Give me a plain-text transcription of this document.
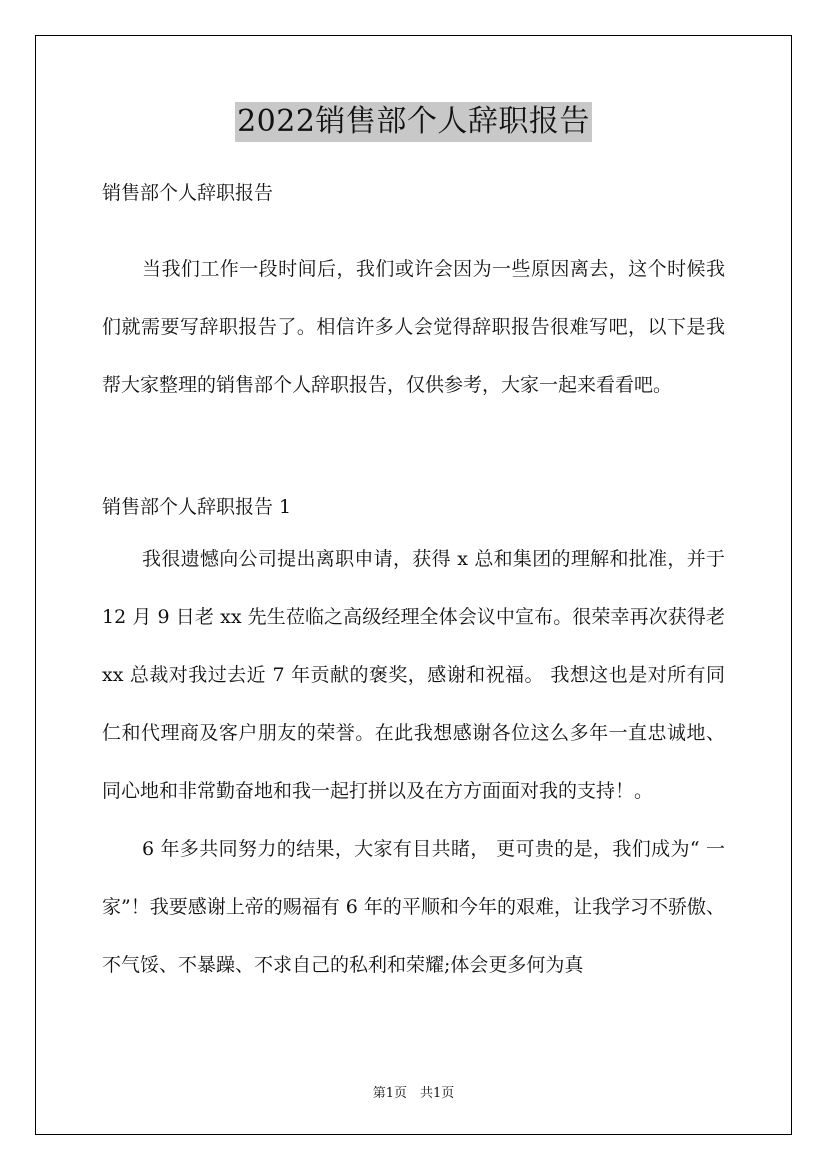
2022销售部个人辞职报告
销售部个人辞职报告

当我们工作一段时间后，我们或许会因为一些原因离去，这个时候我们就需要写辞职报告了。相信许多人会觉得辞职报告很难写吧，以下是我帮大家整理的销售部个人辞职报告，仅供参考，大家一起来看看吧。

销售部个人辞职报告 1

我很遗憾向公司提出离职申请，获得 x 总和集团的理解和批准，并于 12 月 9 日老 xx 先生莅临之高级经理全体会议中宣布。很荣幸再次获得老 xx 总裁对我过去近 7 年贡献的褒奖，感谢和祝福。 我想这也是对所有同仁和代理商及客户朋友的荣誉。在此我想感谢各位这么多年一直忠诚地、同心地和非常勤奋地和我一起打拼以及在方方面面对我的支持！。

6 年多共同努力的结果，大家有目共睹， 更可贵的是，我们成为“ 一家”！我要感谢上帝的赐福有 6 年的平顺和今年的艰难，让我学习不骄傲、不气馁、不暴躁、不求自己的私利和荣耀;体会更多何为真

第1页　共1页
